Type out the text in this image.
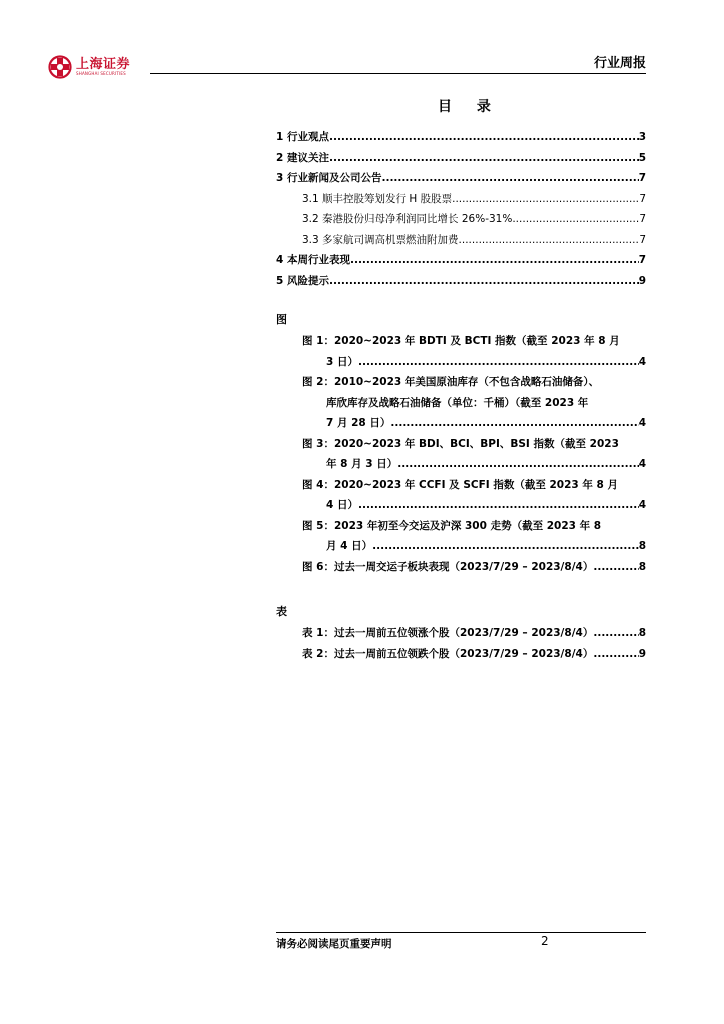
上海证券
SHANGHAI SECURITIES
行业周报
目 录
1 行业观点 .....	3
2 建议关注 .....	5
3 行业新闻及公司公告 .....	7
3.1 顺丰控股筹划发行 H 股股票 .....	7
3.2 秦港股份归母净利润同比增长 26%-31% .....	7
3.3 多家航司调高机票燃油附加费 .....	7
4 本周行业表现 .....	7
5 风险提示 .....	9
图
图 1：2020~2023 年 BDTI 及 BCTI 指数（截至 2023 年 8 月
3 日） .....	4
图 2：2010~2023 年美国原油库存（不包含战略石油储备）、
库欣库存及战略石油储备（单位：千桶）（截至 2023 年
7 月 28 日） .....	4
图 3：2020~2023 年 BDI、BCI、BPI、BSI 指数（截至 2023
年 8 月 3 日） .....	4
图 4：2020~2023 年 CCFI 及 SCFI 指数（截至 2023 年 8 月
4 日） .....	4
图 5：2023 年初至今交运及沪深 300 走势（截至 2023 年 8
月 4 日） .....	8
图 6：过去一周交运子板块表现（2023/7/29 – 2023/8/4） .....	8
表
表 1：过去一周前五位领涨个股（2023/7/29 – 2023/8/4） .....	8
表 2：过去一周前五位领跌个股（2023/7/29 – 2023/8/4） .....	9
请务必阅读尾页重要声明	2
